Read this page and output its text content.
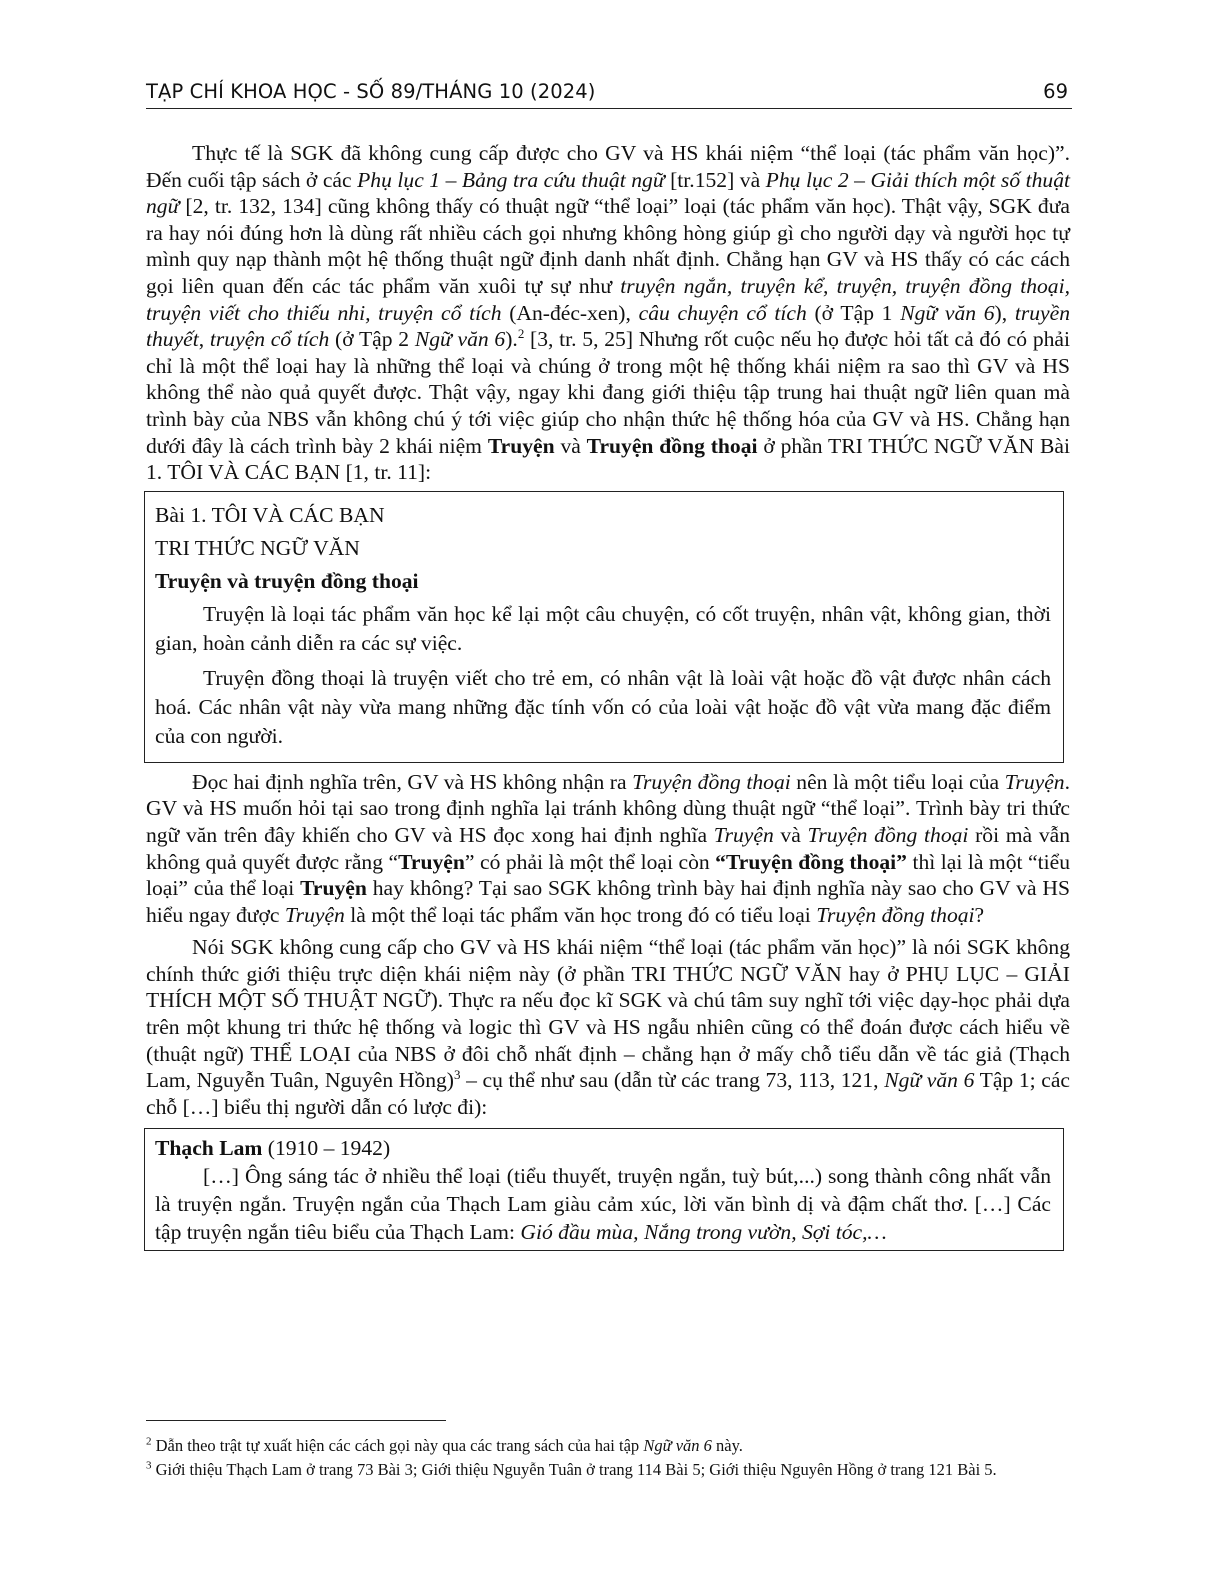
TẠP CHÍ KHOA HỌC - SỐ 89/THÁNG 10 (2024)	69

Thực tế là SGK đã không cung cấp được cho GV và HS khái niệm “thể loại (tác phẩm văn học)”. Đến cuối tập sách ở các Phụ lục 1 – Bảng tra cứu thuật ngữ [tr.152] và Phụ lục 2 – Giải thích một số thuật ngữ [2, tr. 132, 134] cũng không thấy có thuật ngữ “thể loại” loại (tác phẩm văn học). Thật vậy, SGK đưa ra hay nói đúng hơn là dùng rất nhiều cách gọi nhưng không hòng giúp gì cho người dạy và người học tự mình quy nạp thành một hệ thống thuật ngữ định danh nhất định. Chẳng hạn GV và HS thấy có các cách gọi liên quan đến các tác phẩm văn xuôi tự sự như truyện ngắn, truyện kể, truyện, truyện đồng thoại, truyện viết cho thiếu nhi, truyện cổ tích (An-đéc-xen), câu chuyện cổ tích (ở Tập 1 Ngữ văn 6), truyền thuyết, truyện cổ tích (ở Tập 2 Ngữ văn 6).$^2$ [3, tr. 5, 25] Nhưng rốt cuộc nếu họ được hỏi tất cả đó có phải chỉ là một thể loại hay là những thể loại và chúng ở trong một hệ thống khái niệm ra sao thì GV và HS không thể nào quả quyết được. Thật vậy, ngay khi đang giới thiệu tập trung hai thuật ngữ liên quan mà trình bày của NBS vẫn không chú ý tới việc giúp cho nhận thức hệ thống hóa của GV và HS. Chẳng hạn dưới đây là cách trình bày 2 khái niệm Truyện và Truyện đồng thoại ở phần TRI THỨC NGỮ VĂN Bài 1. TÔI VÀ CÁC BẠN [1, tr. 11]:

Bài 1. TÔI VÀ CÁC BẠN

TRI THỨC NGỮ VĂN

Truyện và truyện đồng thoại

Truyện là loại tác phẩm văn học kể lại một câu chuyện, có cốt truyện, nhân vật, không gian, thời gian, hoàn cảnh diễn ra các sự việc.

Truyện đồng thoại là truyện viết cho trẻ em, có nhân vật là loài vật hoặc đồ vật được nhân cách hoá. Các nhân vật này vừa mang những đặc tính vốn có của loài vật hoặc đồ vật vừa mang đặc điểm của con người.

Đọc hai định nghĩa trên, GV và HS không nhận ra Truyện đồng thoại nên là một tiểu loại của Truyện. GV và HS muốn hỏi tại sao trong định nghĩa lại tránh không dùng thuật ngữ “thể loại”. Trình bày tri thức ngữ văn trên đây khiến cho GV và HS đọc xong hai định nghĩa Truyện và Truyện đồng thoại rồi mà vẫn không quả quyết được rằng “Truyện” có phải là một thể loại còn “Truyện đồng thoại” thì lại là một “tiểu loại” của thể loại Truyện hay không? Tại sao SGK không trình bày hai định nghĩa này sao cho GV và HS hiểu ngay được Truyện là một thể loại tác phẩm văn học trong đó có tiểu loại Truyện đồng thoại?

Nói SGK không cung cấp cho GV và HS khái niệm “thể loại (tác phẩm văn học)” là nói SGK không chính thức giới thiệu trực diện khái niệm này (ở phần TRI THỨC NGỮ VĂN hay ở PHỤ LỤC – GIẢI THÍCH MỘT SỐ THUẬT NGỮ). Thực ra nếu đọc kĩ SGK và chú tâm suy nghĩ tới việc dạy-học phải dựa trên một khung tri thức hệ thống và logic thì GV và HS ngẫu nhiên cũng có thể đoán được cách hiểu về (thuật ngữ) THỂ LOẠI của NBS ở đôi chỗ nhất định – chẳng hạn ở mấy chỗ tiểu dẫn về tác giả (Thạch Lam, Nguyễn Tuân, Nguyên Hồng)$^3$ – cụ thể như sau (dẫn từ các trang 73, 113, 121, Ngữ văn 6 Tập 1; các chỗ […] biểu thị người dẫn có lược đi):

Thạch Lam (1910 – 1942)

[…] Ông sáng tác ở nhiều thể loại (tiểu thuyết, truyện ngắn, tuỳ bút,...) song thành công nhất vẫn là truyện ngắn. Truyện ngắn của Thạch Lam giàu cảm xúc, lời văn bình dị và đậm chất thơ. […] Các tập truyện ngắn tiêu biểu của Thạch Lam: Gió đầu mùa, Nắng trong vườn, Sợi tóc,…

$^2$ Dẫn theo trật tự xuất hiện các cách gọi này qua các trang sách của hai tập Ngữ văn 6 này.

$^3$ Giới thiệu Thạch Lam ở trang 73 Bài 3; Giới thiệu Nguyễn Tuân ở trang 114 Bài 5; Giới thiệu Nguyên Hồng ở trang 121 Bài 5.
